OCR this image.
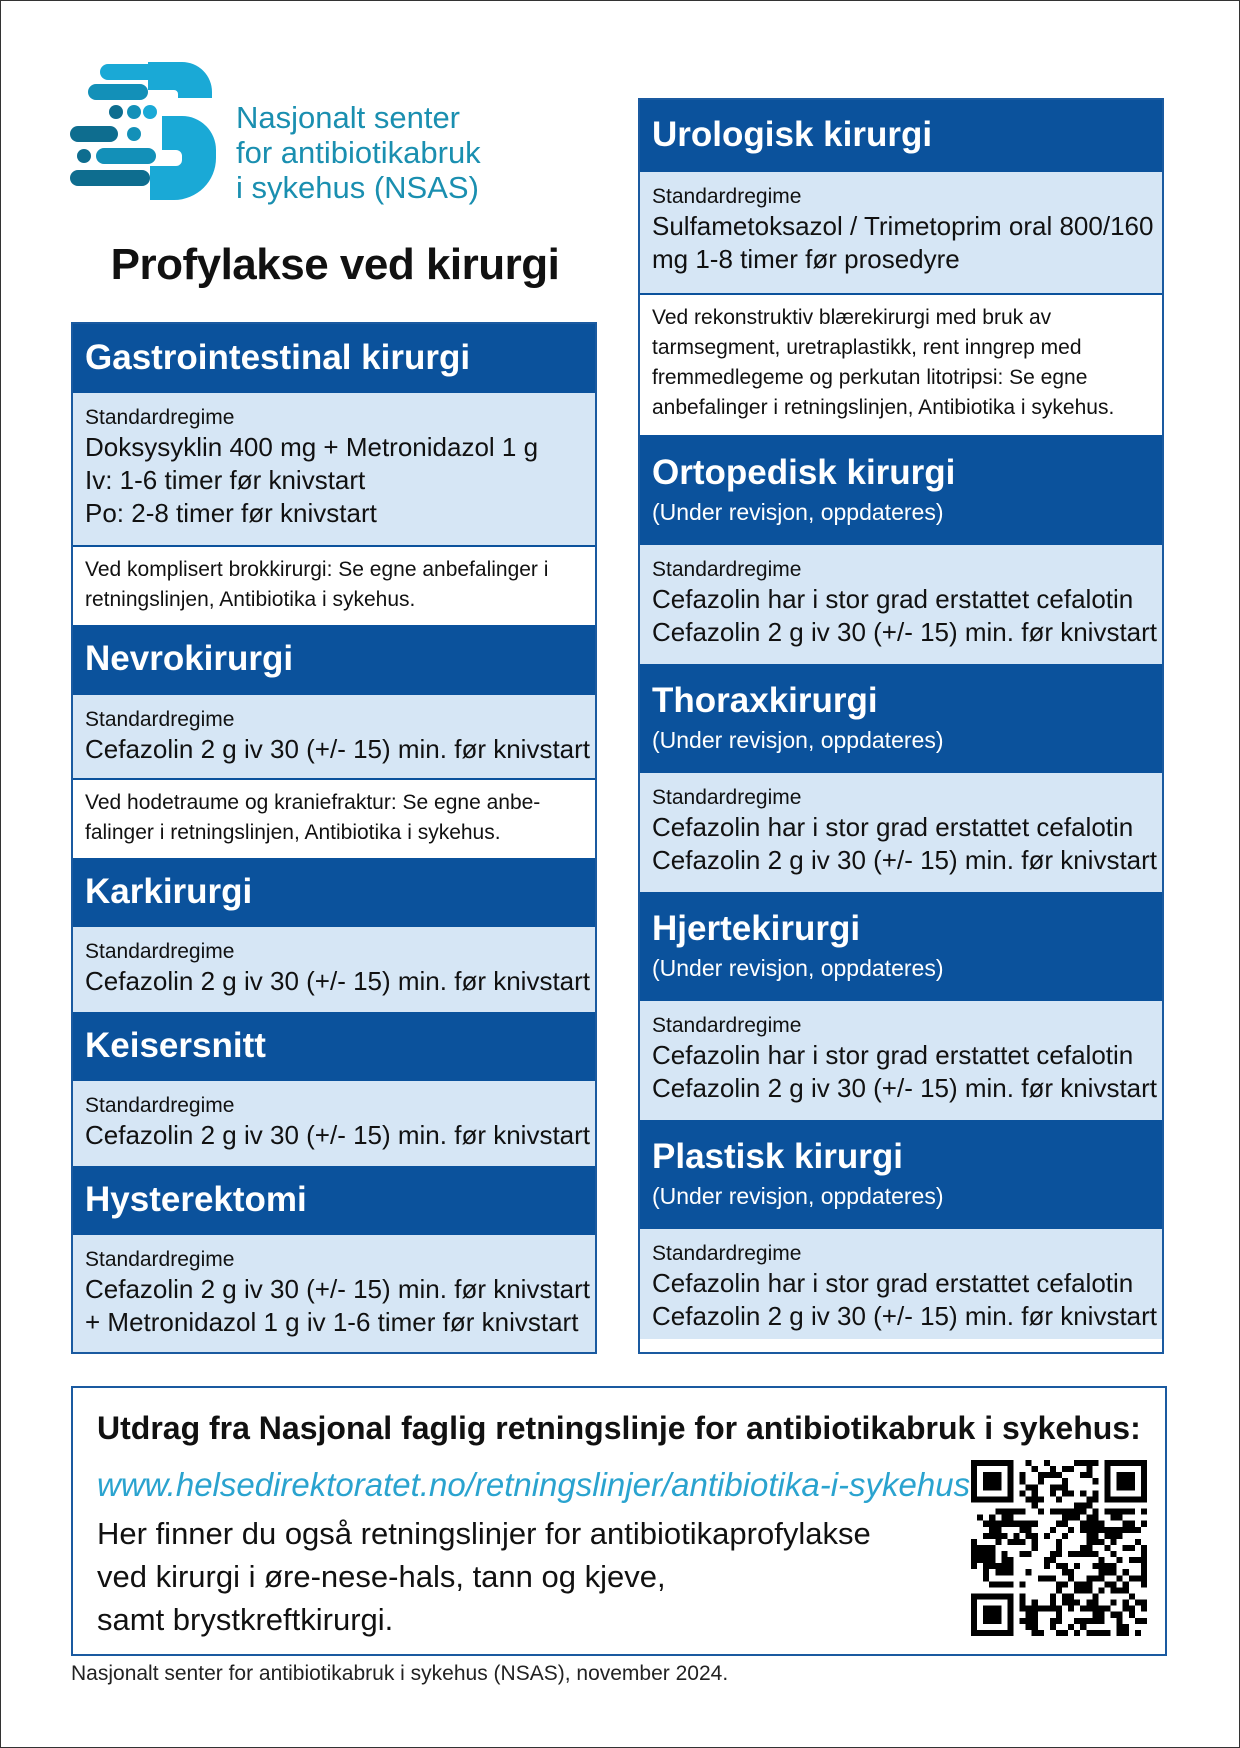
Nasjonalt senter
for antibiotikabruk
i sykehus (NSAS)
Profylakse ved kirurgi
Gastrointestinal kirurgi
Standardregime
Doksysyklin 400 mg + Metronidazol 1 g
Iv: 1-6 timer før knivstart
Po: 2-8 timer før knivstart
Ved komplisert brokkirurgi: Se egne anbefalinger i
retningslinjen, Antibiotika i sykehus.
Nevrokirurgi
Standardregime
Cefazolin 2 g iv 30 (+/- 15) min. før knivstart
Ved hodetraume og kraniefraktur: Se egne anbe-
falinger i retningslinjen, Antibiotika i sykehus.
Karkirurgi
Standardregime
Cefazolin 2 g iv 30 (+/- 15) min. før knivstart
Keisersnitt
Standardregime
Cefazolin 2 g iv 30 (+/- 15) min. før knivstart
Hysterektomi
Standardregime
Cefazolin 2 g iv 30 (+/- 15) min. før knivstart
+ Metronidazol 1 g iv 1-6 timer før knivstart
Urologisk kirurgi
Standardregime
Sulfametoksazol / Trimetoprim oral 800/160
mg 1-8 timer før prosedyre
Ved rekonstruktiv blærekirurgi med bruk av
tarmsegment, uretraplastikk, rent inngrep med
fremmedlegeme og perkutan litotripsi: Se egne
anbefalinger i retningslinjen, Antibiotika i sykehus.
Ortopedisk kirurgi
(Under revisjon, oppdateres)
Standardregime
Cefazolin har i stor grad erstattet cefalotin
Cefazolin 2 g iv 30 (+/- 15) min. før knivstart
Thoraxkirurgi
(Under revisjon, oppdateres)
Standardregime
Cefazolin har i stor grad erstattet cefalotin
Cefazolin 2 g iv 30 (+/- 15) min. før knivstart
Hjertekirurgi
(Under revisjon, oppdateres)
Standardregime
Cefazolin har i stor grad erstattet cefalotin
Cefazolin 2 g iv 30 (+/- 15) min. før knivstart
Plastisk kirurgi
(Under revisjon, oppdateres)
Standardregime
Cefazolin har i stor grad erstattet cefalotin
Cefazolin 2 g iv 30 (+/- 15) min. før knivstart
Utdrag fra Nasjonal faglig retningslinje for antibiotikabruk i sykehus:
www.helsedirektoratet.no/retningslinjer/antibiotika-i-sykehus
Her finner du også retningslinjer for antibiotikaprofylakse
ved kirurgi i øre-nese-hals, tann og kjeve,
samt brystkreftkirurgi.
Nasjonalt senter for antibiotikabruk i sykehus (NSAS), november 2024.
